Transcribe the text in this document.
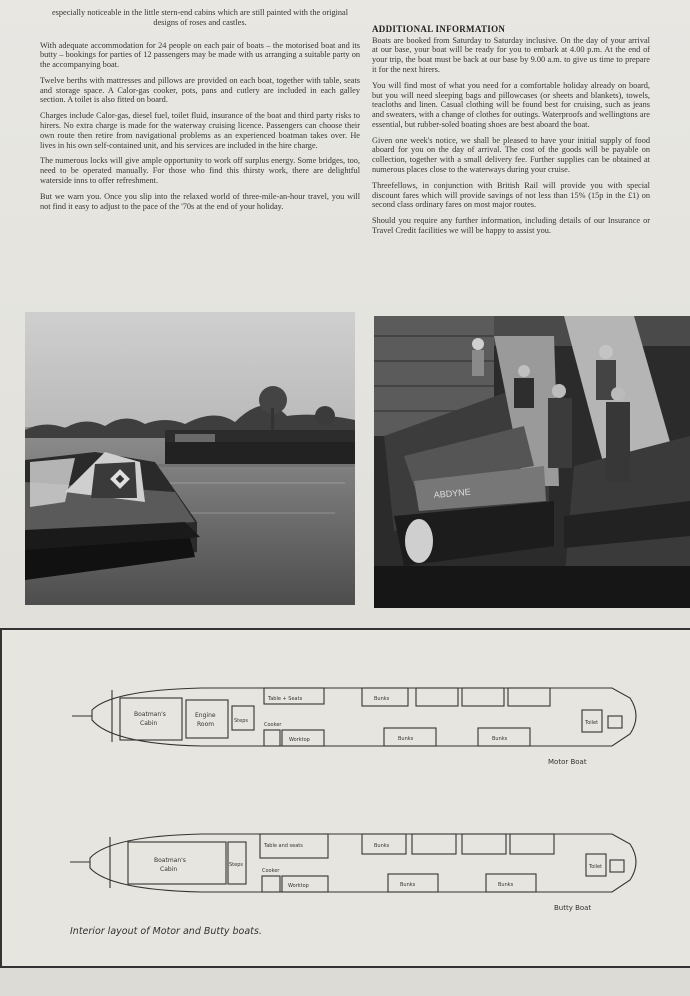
especially noticeable in the little stern-end cabins which are still painted with the original designs of roses and castles.

With adequate accommodation for 24 people on each pair of boats – the motorised boat and its butty – bookings for parties of 12 passengers may be made with us arranging a suitable party on the accompanying boat.

Twelve berths with mattresses and pillows are provided on each boat, together with table, seats and storage space. A Calor-gas cooker, pots, pans and cutlery are included in each galley section. A toilet is also fitted on board.

Charges include Calor-gas, diesel fuel, toilet fluid, insurance of the boat and third party risks to hirers. No extra charge is made for the waterway cruising licence. Passengers can choose their own route then retire from navigational problems as an experienced boatman takes over. He lives in his own self-contained unit, and his services are included in the hire charge.

The numerous locks will give ample opportunity to work off surplus energy. Some bridges, too, need to be operated manually. For those who find this thirsty work, there are delightful waterside inns to offer refreshment.

But we warn you. Once you slip into the relaxed world of three-mile-an-hour travel, you will not find it easy to adjust to the pace of the '70s at the end of your holiday.

ADDITIONAL INFORMATION

Boats are booked from Saturday to Saturday inclusive. On the day of your arrival at our base, your boat will be ready for you to embark at 4.00 p.m. At the end of your trip, the boat must be back at our base by 9.00 a.m. to give us time to prepare it for the next hirers.

You will find most of what you need for a comfortable holiday already on board, but you will need sleeping bags and pillowcases (or sheets and blankets), towels, teacloths and linen. Casual clothing will be found best for cruising, such as jeans and sweaters, with a change of clothes for outings. Waterproofs and wellingtons are essential, but rubber-soled boating shoes are best aboard the boat.

Given one week's notice, we shall be pleased to have your initial supply of food aboard for you on the day of arrival. The cost of the goods will be payable on collection, together with a small delivery fee. Further supplies can be obtained at numerous places close to the waterways during your cruise.

Threefellows, in conjunction with British Rail will provide you with special discount fares which will provide savings of not less than 15% (15p in the £1) on second class ordinary fares on most major routes.

Should you require any further information, including details of our Insurance or Travel Credit facilities we will be happy to assist you.

ABDYNE
Boatman's
Cabin
Engine
Room	Steps
Table + Seats
Cooker
Worktop
Bunks
Bunks	Bunks
Toilet
Motor Boat
Boatman's
Cabin
Steps
Table and seats
Cooker
Worktop
Bunks
Bunks	Bunks
Toilet
Butty Boat
Interior layout of Motor and Butty boats.
